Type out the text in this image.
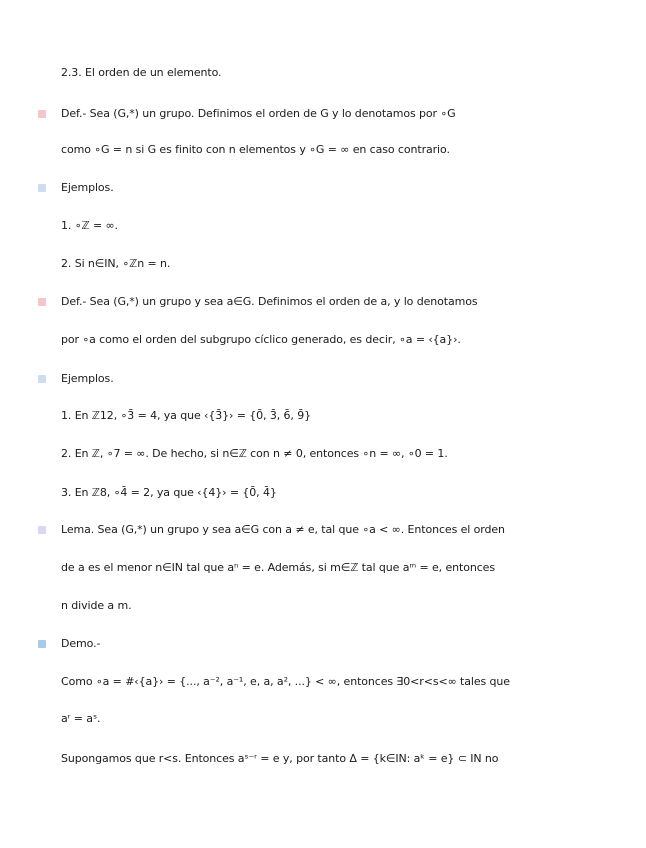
2.3. El orden de un elemento.
Def.- Sea (G,*) un grupo. Definimos el orden de G y lo denotamos por ∘G
como ∘G = n si G es finito con n elementos y ∘G = ∞ en caso contrario.
Ejemplos.
1. ∘ℤ = ∞.
2. Si n∈IN, ∘ℤn = n.
Def.- Sea (G,*) un grupo y sea a∈G. Definimos el orden de a, y lo denotamos
por ∘a como el orden del subgrupo cíclico generado, es decir, ∘a = ‹{a}›.
Ejemplos.
1. En ℤ12, ∘3̄ = 4, ya que ‹{3̄}› = {0̄, 3̄, 6̄, 9̄}
2. En ℤ, ∘7 = ∞. De hecho, si n∈ℤ con n ≠ 0, entonces ∘n = ∞, ∘0 = 1.
3. En ℤ8, ∘4̄ = 2, ya que ‹{4}› = {0̄, 4̄}
Lema. Sea (G,*) un grupo y sea a∈G con a ≠ e, tal que ∘a < ∞. Entonces el orden
de a es el menor n∈IN tal que aⁿ = e. Además, si m∈ℤ tal que aᵐ = e, entonces
n divide a m.
Demo.-
Como ∘a = #‹{a}› = {..., a⁻², a⁻¹, e, a, a², ...} < ∞, entonces ∃0<r<s<∞ tales que
aʳ = aˢ.
Supongamos que r<s. Entonces aˢ⁻ʳ = e y, por tanto Δ = {k∈IN: aᵏ = e} ⊂ IN no
